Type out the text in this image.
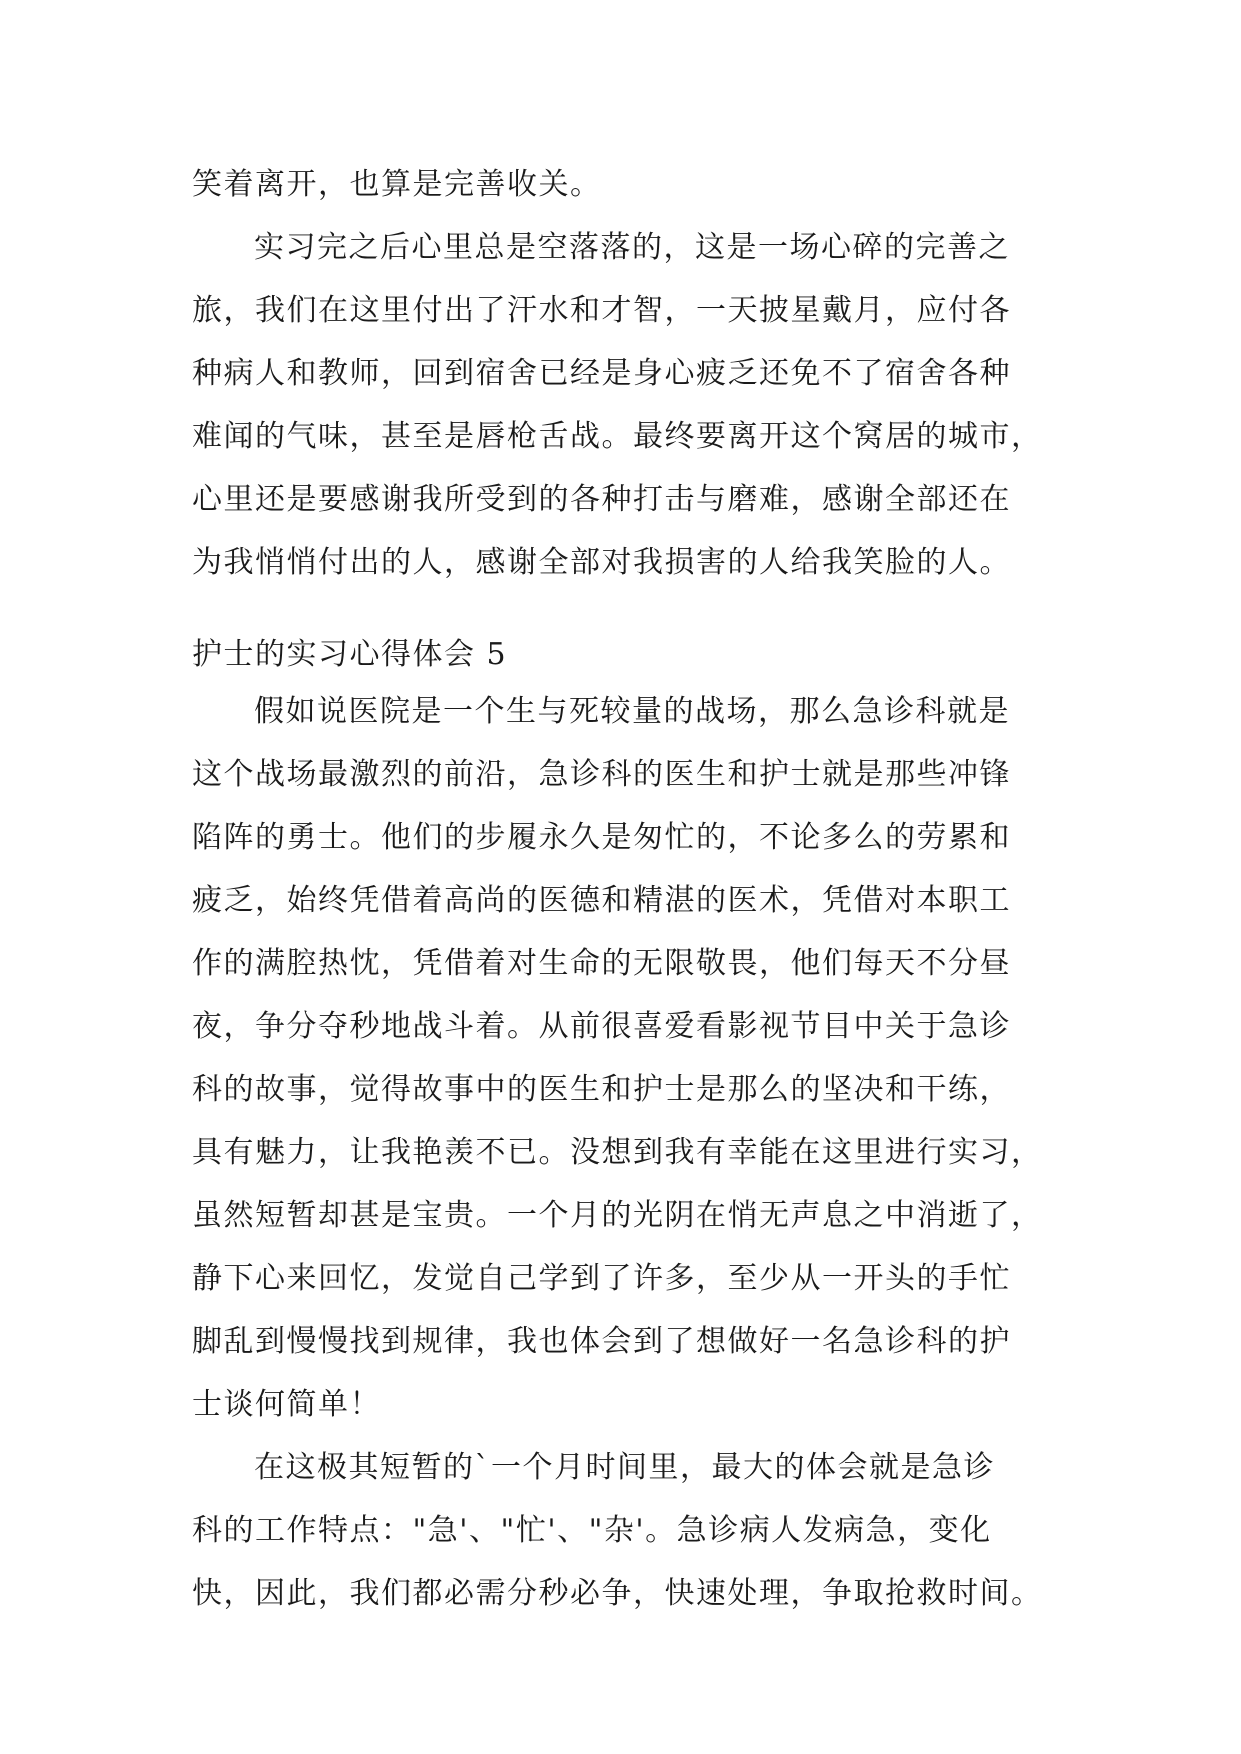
笑着离开，也算是完善收关。
实习完之后心里总是空落落的，这是一场心碎的完善之
旅，我们在这里付出了汗水和才智，一天披星戴月，应付各
种病人和教师，回到宿舍已经是身心疲乏还免不了宿舍各种
难闻的气味，甚至是唇枪舌战。最终要离开这个窝居的城市，
心里还是要感谢我所受到的各种打击与磨难，感谢全部还在
为我悄悄付出的人，感谢全部对我损害的人给我笑脸的人。
护士的实习心得体会 5
假如说医院是一个生与死较量的战场，那么急诊科就是
这个战场最激烈的前沿，急诊科的医生和护士就是那些冲锋
陷阵的勇士。他们的步履永久是匆忙的，不论多么的劳累和
疲乏，始终凭借着高尚的医德和精湛的医术，凭借对本职工
作的满腔热忱，凭借着对生命的无限敬畏，他们每天不分昼
夜，争分夺秒地战斗着。从前很喜爱看影视节目中关于急诊
科的故事，觉得故事中的医生和护士是那么的坚决和干练，
具有魅力，让我艳羡不已。没想到我有幸能在这里进行实习，
虽然短暂却甚是宝贵。一个月的光阴在悄无声息之中消逝了，
静下心来回忆，发觉自己学到了许多，至少从一开头的手忙
脚乱到慢慢找到规律，我也体会到了想做好一名急诊科的护
士谈何简单！
在这极其短暂的`一个月时间里，最大的体会就是急诊
科的工作特点："急'、"忙'、"杂'。急诊病人发病急，变化
快，因此，我们都必需分秒必争，快速处理，争取抢救时间。
